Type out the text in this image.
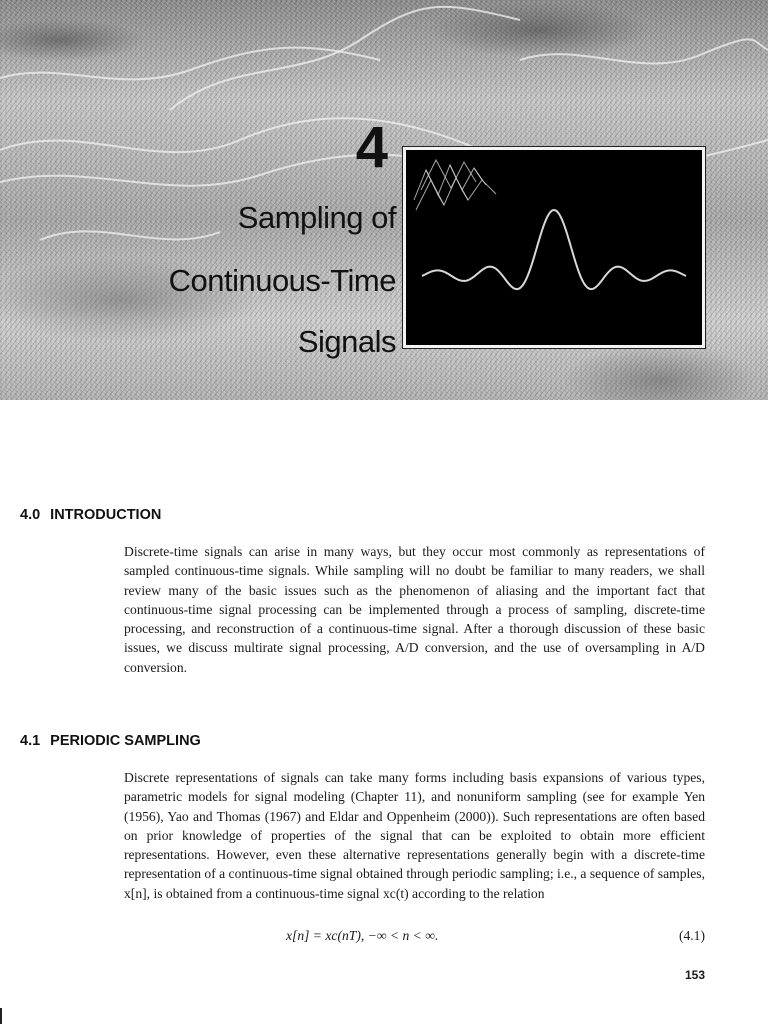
4
Sampling of
Continuous-Time
Signals
4.0 INTRODUCTION
Discrete-time signals can arise in many ways, but they occur most commonly as representations of sampled continuous-time signals. While sampling will no doubt be familiar to many readers, we shall review many of the basic issues such as the phenomenon of aliasing and the important fact that continuous-time signal processing can be implemented through a process of sampling, discrete-time processing, and reconstruction of a continuous-time signal. After a thorough discussion of these basic issues, we discuss multirate signal processing, A/D conversion, and the use of oversampling in A/D conversion.
4.1 PERIODIC SAMPLING
Discrete representations of signals can take many forms including basis expansions of various types, parametric models for signal modeling (Chapter 11), and nonuniform sampling (see for example Yen (1956), Yao and Thomas (1967) and Eldar and Oppenheim (2000)). Such representations are often based on prior knowledge of properties of the signal that can be exploited to obtain more efficient representations. However, even these alternative representations generally begin with a discrete-time representation of a continuous-time signal obtained through periodic sampling; i.e., a sequence of samples, x[n], is obtained from a continuous-time signal xc(t) according to the relation
x[n] = xc(nT), −∞ < n < ∞.	(4.1)
153
